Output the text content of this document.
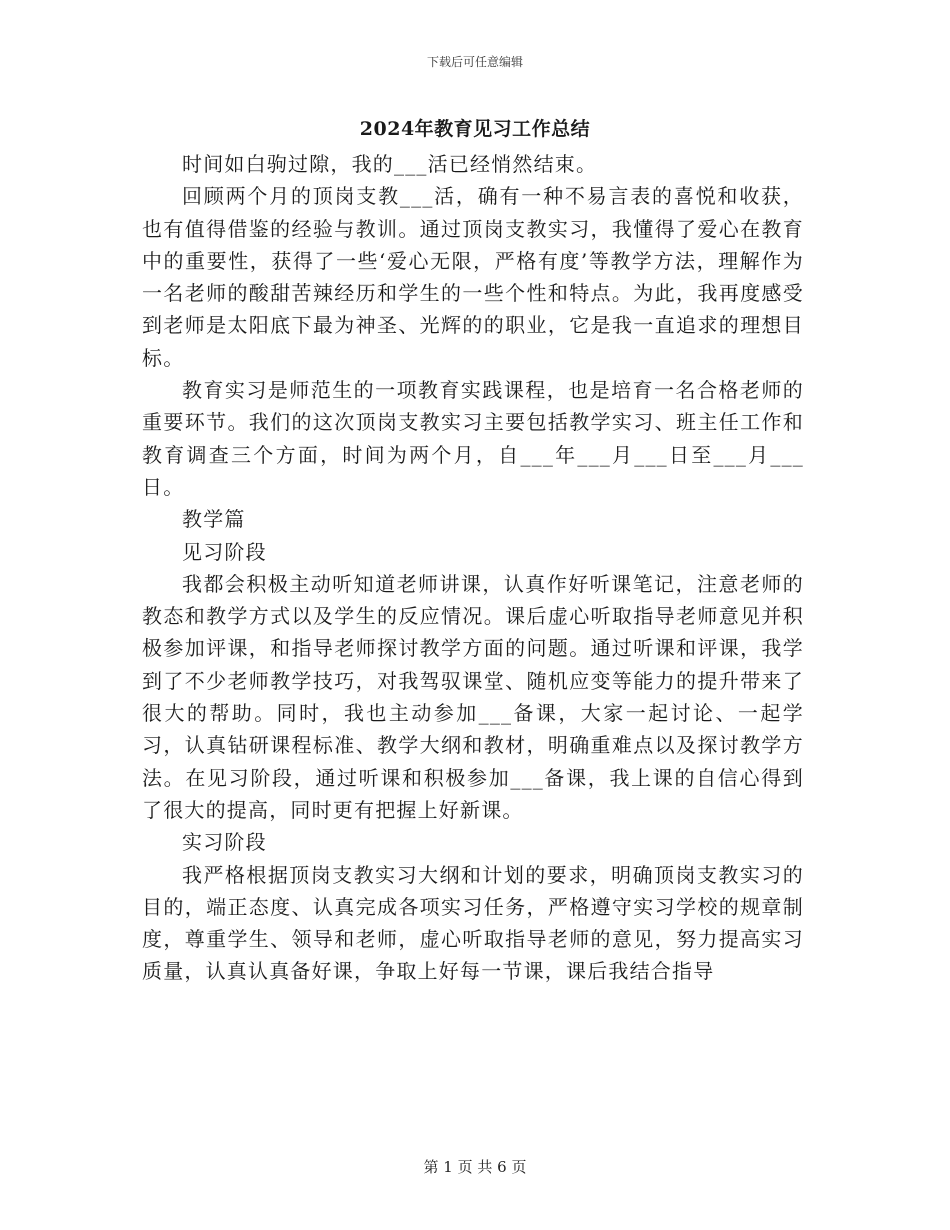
下载后可任意编辑
2024年教育见习工作总结

时间如白驹过隙，我的___活已经悄然结束。

回顾两个月的顶岗支教___活，确有一种不易言表的喜悦和收获，也有值得借鉴的经验与教训。通过顶岗支教实习，我懂得了爱心在教育中的重要性，获得了一些‘爱心无限，严格有度’等教学方法，理解作为一名老师的酸甜苦辣经历和学生的一些个性和特点。为此，我再度感受到老师是太阳底下最为神圣、光辉的的职业，它是我一直追求的理想目标。

教育实习是师范生的一项教育实践课程，也是培育一名合格老师的重要环节。我们的这次顶岗支教实习主要包括教学实习、班主任工作和教育调查三个方面，时间为两个月，自___年___月___日至___月___日。

教学篇

见习阶段

我都会积极主动听知道老师讲课，认真作好听课笔记，注意老师的教态和教学方式以及学生的反应情况。课后虚心听取指导老师意见并积极参加评课，和指导老师探讨教学方面的问题。通过听课和评课，我学到了不少老师教学技巧，对我驾驭课堂、随机应变等能力的提升带来了很大的帮助。同时，我也主动参加___备课，大家一起讨论、一起学习，认真钻研课程标准、教学大纲和教材，明确重难点以及探讨教学方法。在见习阶段，通过听课和积极参加___备课，我上课的自信心得到了很大的提高，同时更有把握上好新课。

实习阶段

我严格根据顶岗支教实习大纲和计划的要求，明确顶岗支教实习的目的，端正态度、认真完成各项实习任务，严格遵守实习学校的规章制度，尊重学生、领导和老师，虚心听取指导老师的意见，努力提高实习质量，认真认真备好课，争取上好每一节课，课后我结合指导

第 1 页 共 6 页
